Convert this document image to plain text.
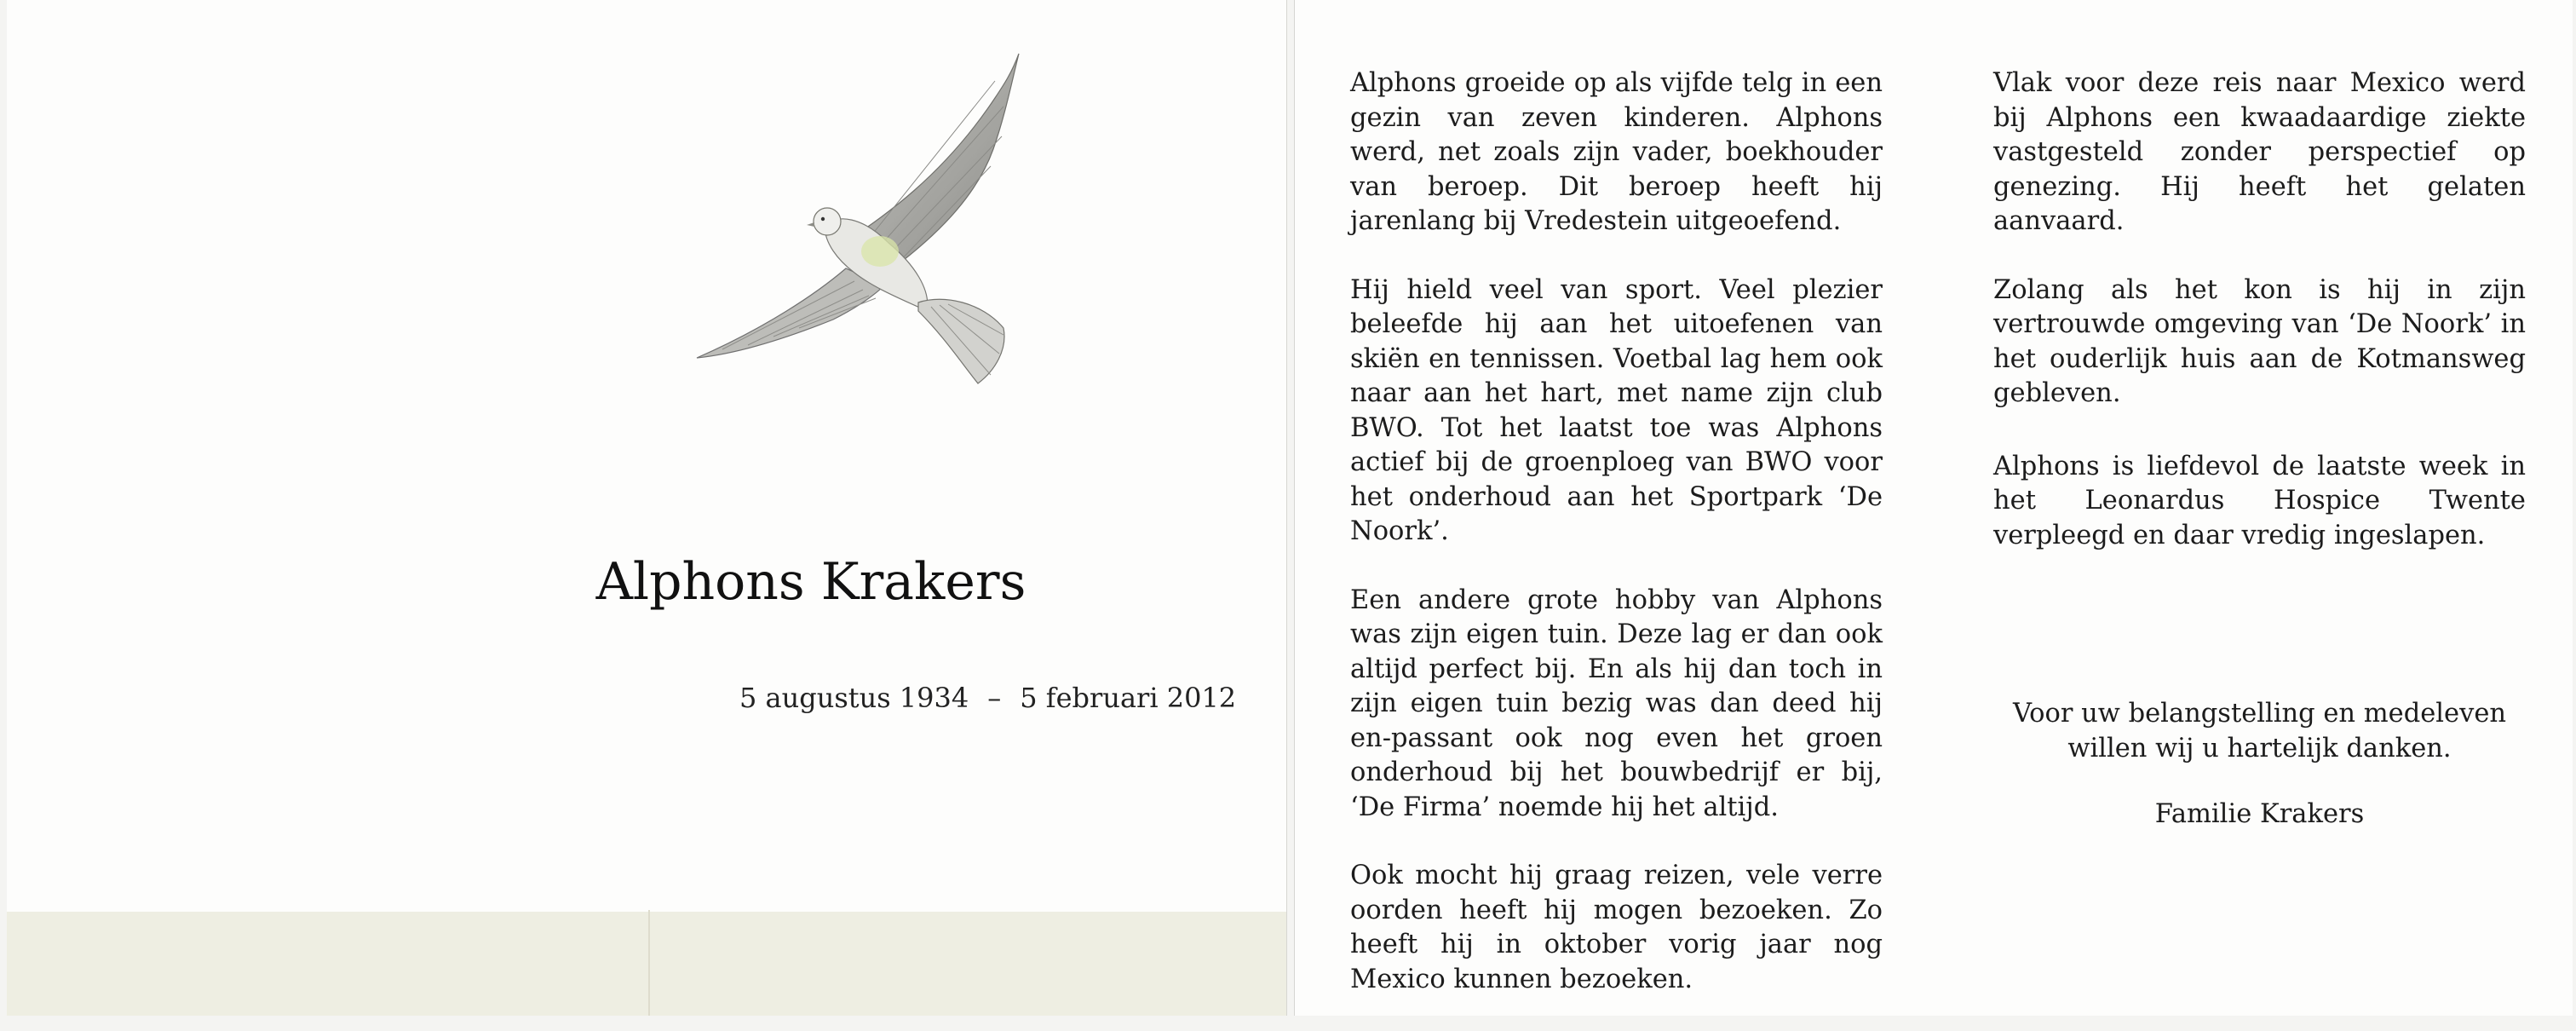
Alphons Krakers
5 augustus 1934 – 5 februari 2012

Alphons groeide op als vijfde telg in een gezin van zeven kinderen. Alphons werd, net zoals zijn vader, boekhouder van beroep. Dit beroep heeft hij jarenlang bij Vredestein uitgeoefend.

Hij hield veel van sport. Veel plezier beleefde hij aan het uitoefenen van skiën en tennissen. Voetbal lag hem ook naar aan het hart, met name zijn club BWO. Tot het laatst toe was Alphons actief bij de groenploeg van BWO voor het onderhoud aan het Sportpark ‘De Noork’.

Een andere grote hobby van Alphons was zijn eigen tuin. Deze lag er dan ook altijd perfect bij. En als hij dan toch in zijn eigen tuin bezig was dan deed hij en-passant ook nog even het groen onderhoud bij het bouwbedrijf er bij, ‘De Firma’ noemde hij het altijd.

Ook mocht hij graag reizen, vele verre oorden heeft hij mogen bezoeken. Zo heeft hij in oktober vorig jaar nog Mexico kunnen bezoeken.

Vlak voor deze reis naar Mexico werd bij Alphons een kwaadaardige ziekte vastgesteld zonder perspectief op genezing. Hij heeft het gelaten aanvaard.

Zolang als het kon is hij in zijn vertrouwde omgeving van ‘De Noork’ in het ouderlijk huis aan de Kotmansweg gebleven.

Alphons is liefdevol de laatste week in het Leonardus Hospice Twente verpleegd en daar vredig ingeslapen.

Voor uw belangstelling en medeleven
willen wij u hartelijk danken.
Familie Krakers
